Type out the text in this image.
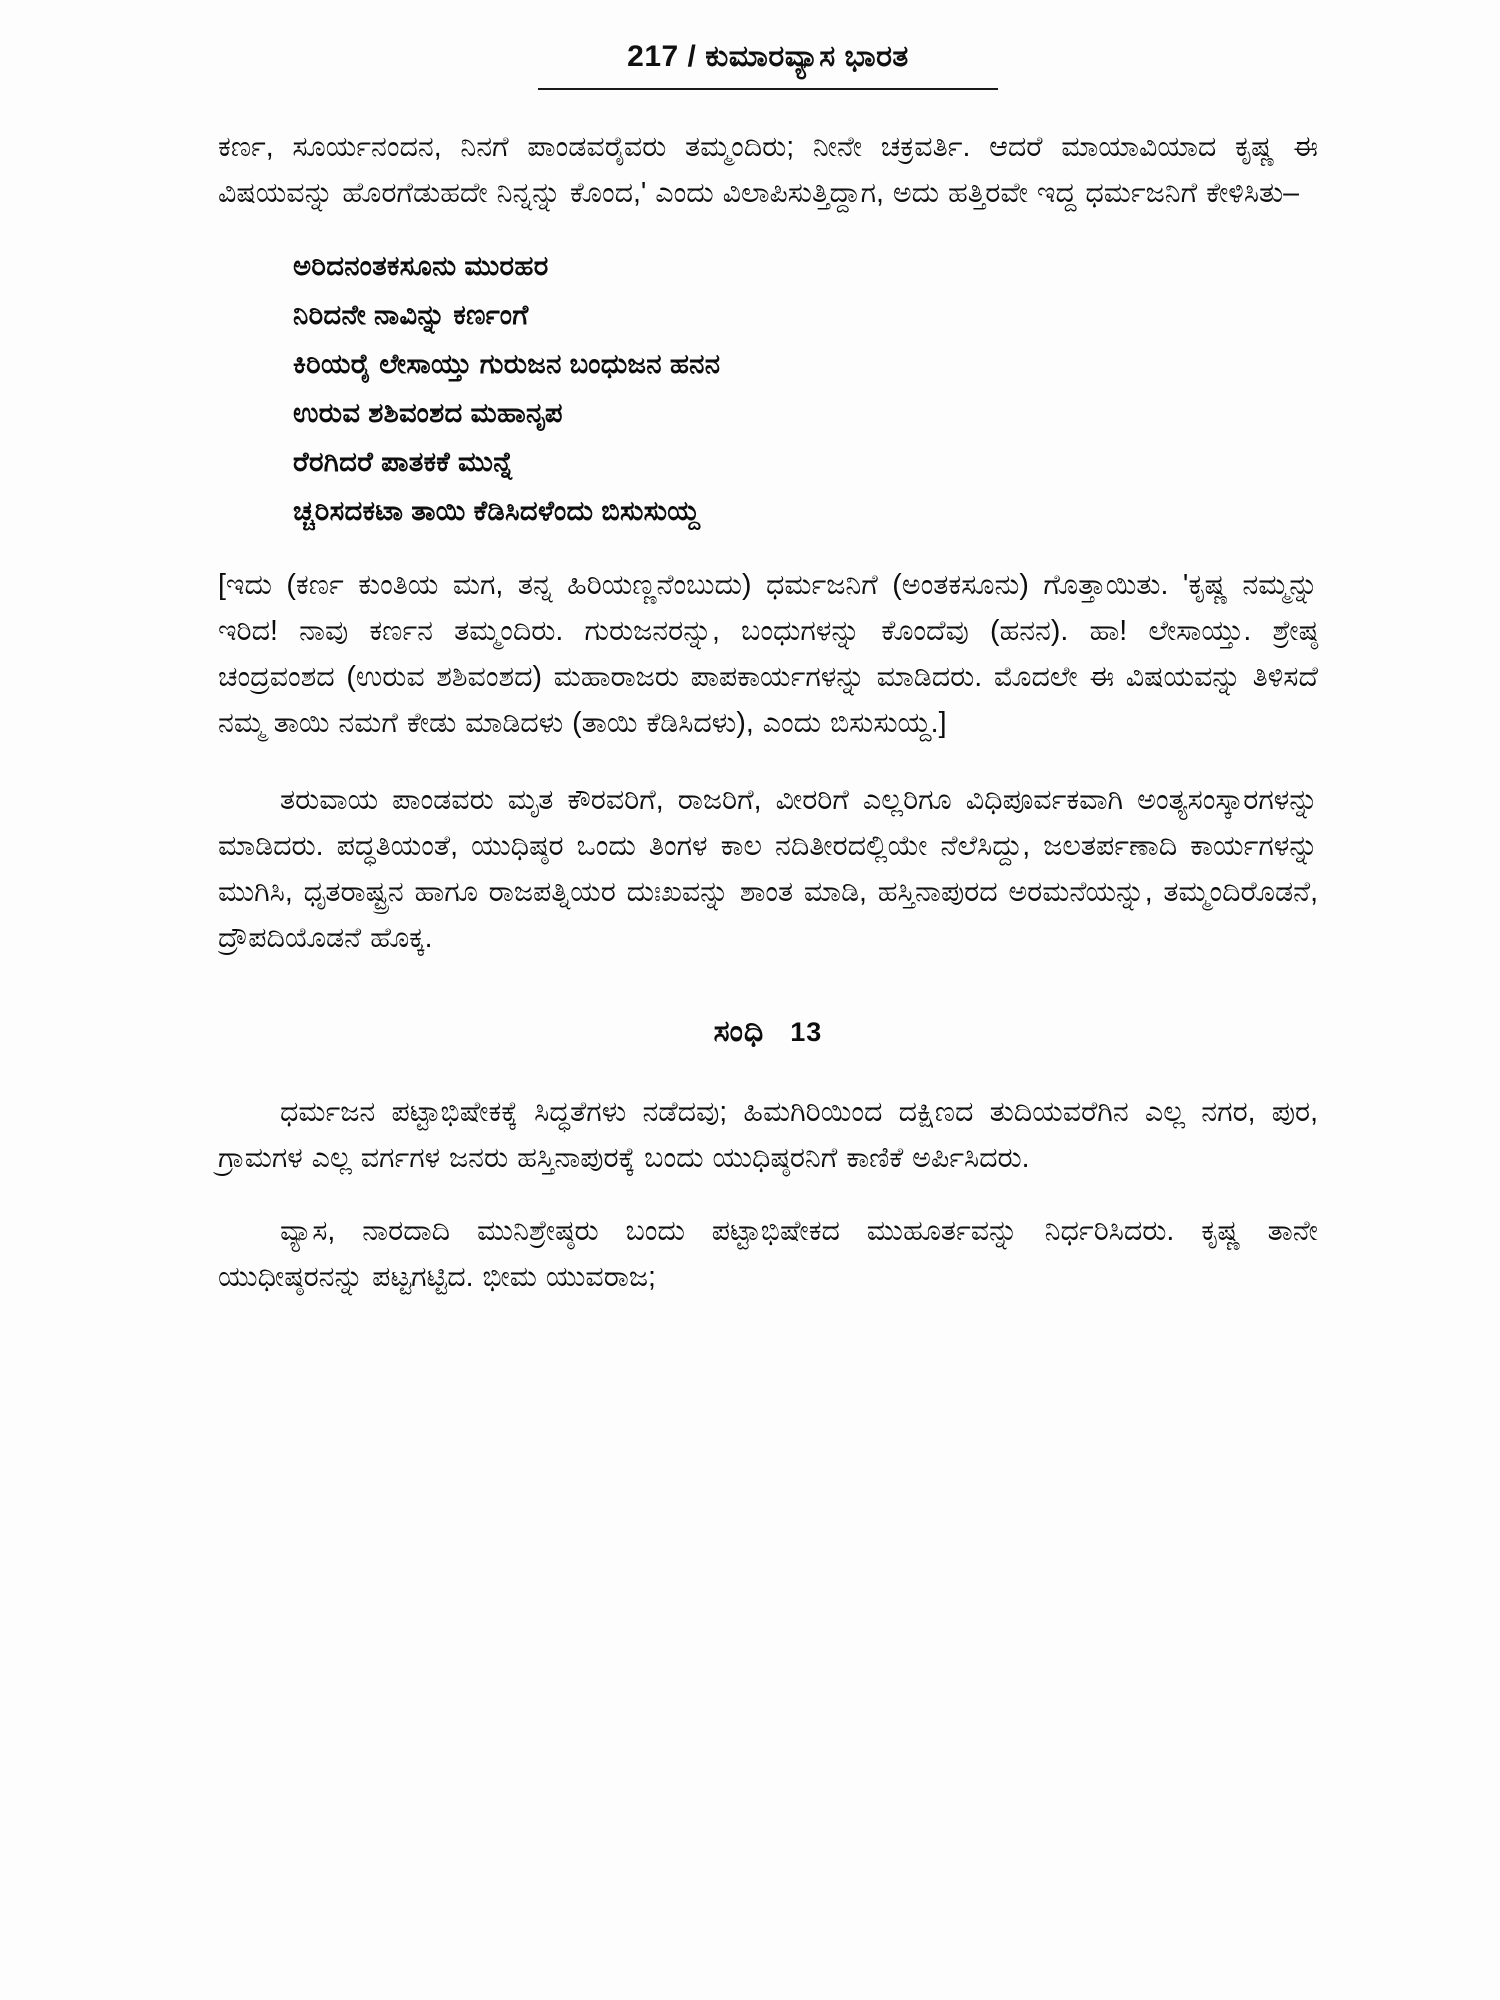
217 / ಕುಮಾರವ್ಯಾಸ ಭಾರತ

ಕರ್ಣ, ಸೂರ್ಯನಂದನ, ನಿನಗೆ ಪಾಂಡವರೈವರು ತಮ್ಮಂದಿರು; ನೀನೇ ಚಕ್ರವರ್ತಿ. ಆದರೆ ಮಾಯಾವಿಯಾದ ಕೃಷ್ಣ ಈ ವಿಷಯವನ್ನು ಹೊರಗೆಡುಹದೇ ನಿನ್ನನ್ನು ಕೊಂದ,' ಎಂದು ವಿಲಾಪಿಸುತ್ತಿದ್ದಾಗ, ಅದು ಹತ್ತಿರವೇ ಇದ್ದ ಧರ್ಮಜನಿಗೆ ಕೇಳಿಸಿತು–

ಅರಿದನಂತಕಸೂನು ಮುರಹರ
ನಿರಿದನೇ ನಾವಿನ್ನು ಕರ್ಣಂಗೆ
ಕಿರಿಯರೈ ಲೇಸಾಯ್ತು ಗುರುಜನ ಬಂಧುಜನ ಹನನ
ಉರುವ ಶಶಿವಂಶದ ಮಹಾನೃಪ
ರೆರಗಿದರೆ ಪಾತಕಕೆ ಮುನ್ನೆ
ಚ್ಚರಿಸದಕಟಾ ತಾಯಿ ಕೆಡಿಸಿದಳೆಂದು ಬಿಸುಸುಯ್ದ

[ಇದು (ಕರ್ಣ ಕುಂತಿಯ ಮಗ, ತನ್ನ ಹಿರಿಯಣ್ಣನೆಂಬುದು) ಧರ್ಮಜನಿಗೆ (ಅಂತಕಸೂನು) ಗೊತ್ತಾಯಿತು. 'ಕೃಷ್ಣ ನಮ್ಮನ್ನು ಇರಿದ! ನಾವು ಕರ್ಣನ ತಮ್ಮಂದಿರು. ಗುರುಜನರನ್ನು, ಬಂಧುಗಳನ್ನು ಕೊಂದೆವು (ಹನನ). ಹಾ! ಲೇಸಾಯ್ತು. ಶ್ರೇಷ್ಠ ಚಂದ್ರವಂಶದ (ಉರುವ ಶಶಿವಂಶದ) ಮಹಾರಾಜರು ಪಾಪಕಾರ್ಯಗಳನ್ನು ಮಾಡಿದರು. ಮೊದಲೇ ಈ ವಿಷಯವನ್ನು ತಿಳಿಸದೆ ನಮ್ಮ ತಾಯಿ ನಮಗೆ ಕೇಡು ಮಾಡಿದಳು (ತಾಯಿ ಕೆಡಿಸಿದಳು), ಎಂದು ಬಿಸುಸುಯ್ದ.]

ತರುವಾಯ ಪಾಂಡವರು ಮೃತ ಕೌರವರಿಗೆ, ರಾಜರಿಗೆ, ವೀರರಿಗೆ ಎಲ್ಲರಿಗೂ ವಿಧಿಪೂರ್ವಕವಾಗಿ ಅಂತ್ಯಸಂಸ್ಕಾರಗಳನ್ನು ಮಾಡಿದರು. ಪದ್ಧತಿಯಂತೆ, ಯುಧಿಷ್ಠರ ಒಂದು ತಿಂಗಳ ಕಾಲ ನದಿತೀರದಲ್ಲಿಯೇ ನೆಲೆಸಿದ್ದು, ಜಲತರ್ಪಣಾದಿ ಕಾರ್ಯಗಳನ್ನು ಮುಗಿಸಿ, ಧೃತರಾಷ್ಟ್ರನ ಹಾಗೂ ರಾಜಪತ್ನಿಯರ ದುಃಖವನ್ನು ಶಾಂತ ಮಾಡಿ, ಹಸ್ತಿನಾಪುರದ ಅರಮನೆಯನ್ನು, ತಮ್ಮಂದಿರೊಡನೆ, ದ್ರೌಪದಿಯೊಡನೆ ಹೊಕ್ಕ.

ಸಂಧಿ 13

ಧರ್ಮಜನ ಪಟ್ಟಾಭಿಷೇಕಕ್ಕೆ ಸಿದ್ಧತೆಗಳು ನಡೆದವು; ಹಿಮಗಿರಿಯಿಂದ ದಕ್ಷಿಣದ ತುದಿಯವರೆಗಿನ ಎಲ್ಲ ನಗರ, ಪುರ, ಗ್ರಾಮಗಳ ಎಲ್ಲ ವರ್ಗಗಳ ಜನರು ಹಸ್ತಿನಾಪುರಕ್ಕೆ ಬಂದು ಯುಧಿಷ್ಠರನಿಗೆ ಕಾಣಿಕೆ ಅರ್ಪಿಸಿದರು.

ವ್ಯಾಸ, ನಾರದಾದಿ ಮುನಿಶ್ರೇಷ್ಠರು ಬಂದು ಪಟ್ಟಾಭಿಷೇಕದ ಮುಹೂರ್ತವನ್ನು ನಿರ್ಧರಿಸಿದರು. ಕೃಷ್ಣ ತಾನೇ ಯುಧೀಷ್ಠರನನ್ನು ಪಟ್ಟಗಟ್ಟಿದ. ಭೀಮ ಯುವರಾಜ;
